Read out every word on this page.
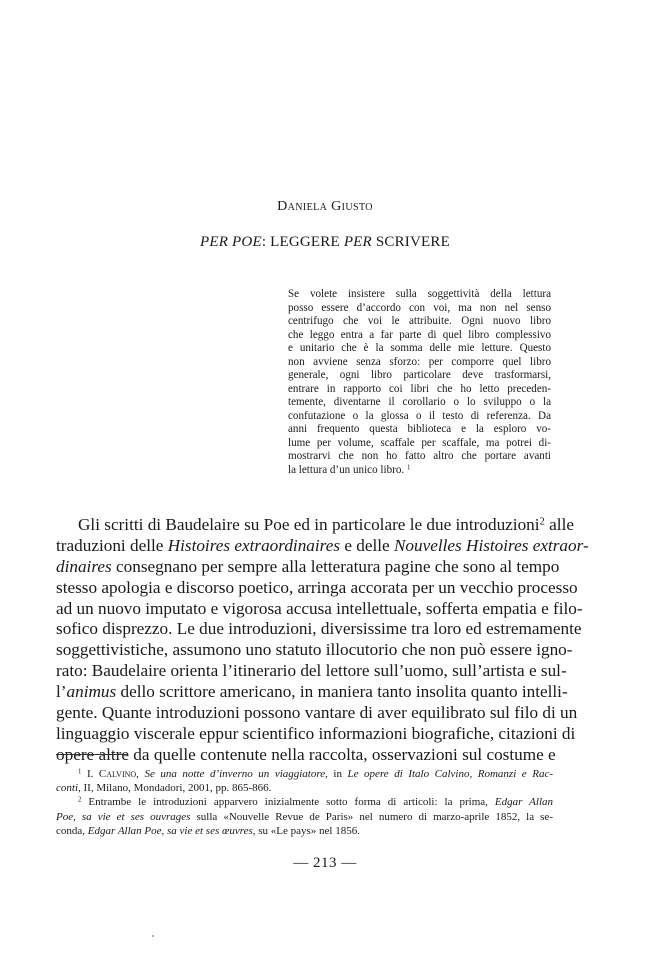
Daniela Giusto
PER POE: LEGGERE PER SCRIVERE
Se volete insistere sulla soggettività della lettura
posso essere d’accordo con voi, ma non nel senso
centrifugo che voi le attribuite. Ogni nuovo libro
che leggo entra a far parte di quel libro complessivo
e unitario che è la somma delle mie letture. Questo
non avviene senza sforzo: per comporre quel libro
generale, ogni libro particolare deve trasformarsi,
entrare in rapporto coi libri che ho letto preceden-
temente, diventarne il corollario o lo sviluppo o la
confutazione o la glossa o il testo di referenza. Da
anni frequento questa biblioteca e la esploro vo-
lume per volume, scaffale per scaffale, ma potrei di-
mostrarvi che non ho fatto altro che portare avanti
la lettura d’un unico libro. $^1$
Gli scritti di Baudelaire su Poe ed in particolare le due introduzioni$^2$ alle
traduzioni delle Histoires extraordinaires e delle Nouvelles Histoires extraor-
dinaires consegnano per sempre alla letteratura pagine che sono al tempo
stesso apologia e discorso poetico, arringa accorata per un vecchio processo
ad un nuovo imputato e vigorosa accusa intellettuale, sofferta empatia e filo-
sofico disprezzo. Le due introduzioni, diversissime tra loro ed estremamente
soggettivistiche, assumono uno statuto illocutorio che non può essere igno-
rato: Baudelaire orienta l’itinerario del lettore sull’uomo, sull’artista e sul-
l’animus dello scrittore americano, in maniera tanto insolita quanto intelli-
gente. Quante introduzioni possono vantare di aver equilibrato sul filo di un
linguaggio viscerale eppur scientifico informazioni biografiche, citazioni di
opere altre da quelle contenute nella raccolta, osservazioni sul costume e
$^1$ I. Calvino, Se una notte d’inverno un viaggiatore, in Le opere di Italo Calvino, Romanzi e Rac-
conti, II, Milano, Mondadori, 2001, pp. 865-866.
$^2$ Entrambe le introduzioni apparvero inizialmente sotto forma di articoli: la prima, Edgar Allan
Poe, sa vie et ses ouvrages sulla «Nouvelle Revue de Paris» nel numero di marzo-aprile 1852, la se-
conda, Edgar Allan Poe, sa vie et ses œuvres, su «Le pays» nel 1856.
— 213 —
